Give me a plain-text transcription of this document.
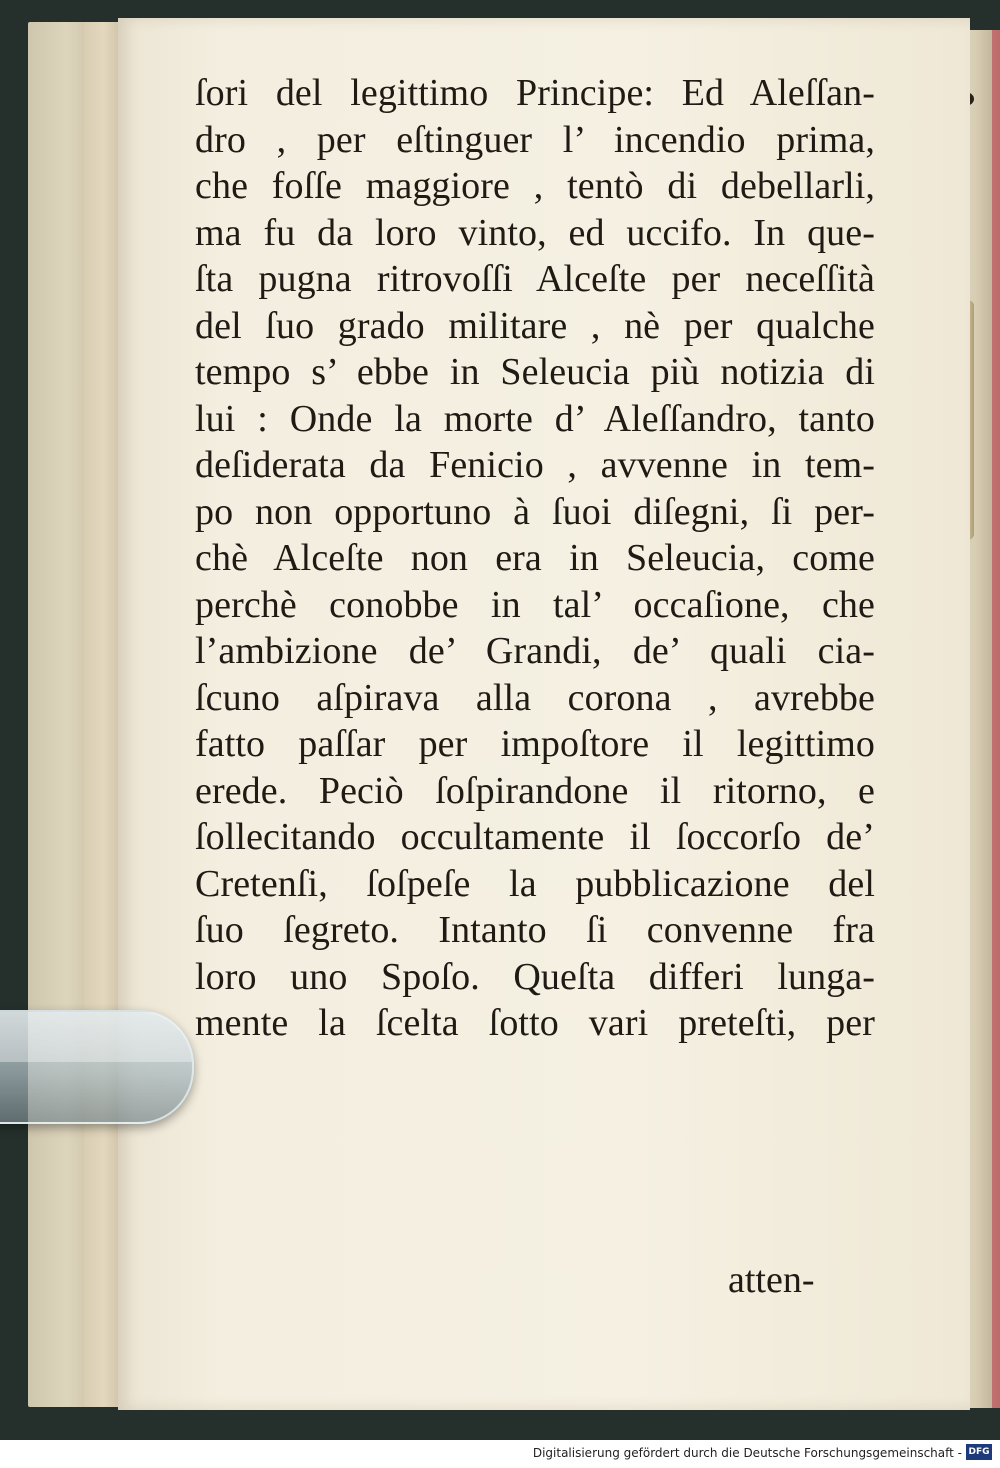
ſori del legittimo Principe: Ed Aleſſan-
dro , per eſtinguer l’ incendio prima,
che foſſe maggiore , tentò di debellarli,
ma fu da loro vinto, ed uccifo. In que-
ſta pugna ritrovoſſi Alceſte per neceſſità
del ſuo grado militare , nè per qualche
tempo s’ ebbe in Seleucia più notizia di
lui : Onde la morte d’ Aleſſandro, tanto
deſiderata da Fenicio , avvenne in tem-
po non opportuno à ſuoi diſegni, ſi per-
chè Alceſte non era in Seleucia, come
perchè conobbe in tal’ occaſione, che
l’ambizione de’ Grandi, de’ quali cia-
ſcuno aſpirava alla corona , avrebbe
fatto paſſar per impoſtore il legittimo
erede. Peciò ſoſpirandone il ritorno, e
ſollecitando occultamente il ſoccorſo de’
Cretenſi, ſoſpeſe la pubblicazione del
ſuo ſegreto. Intanto ſi convenne fra
loro uno Spoſo. Queſta differi lunga-
mente la ſcelta ſotto vari preteſti, per
atten-
Digitalisierung gefördert durch die Deutsche Forschungsgemeinschaft - DFG
